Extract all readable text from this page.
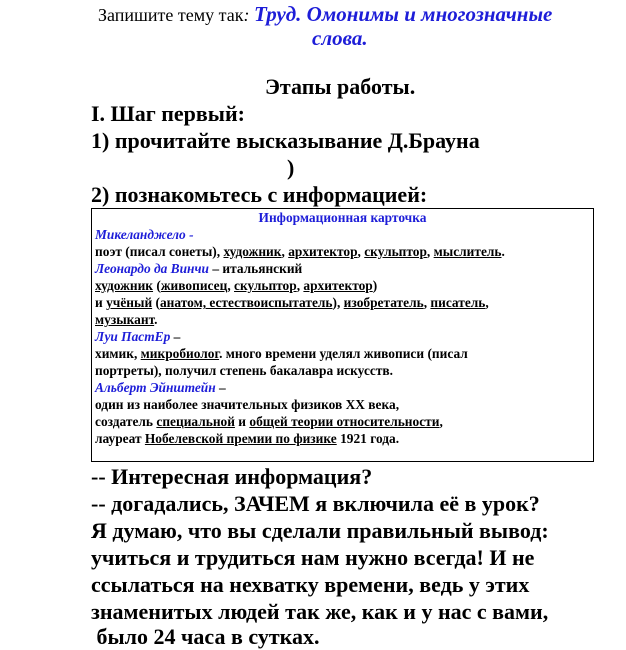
Запишите тему так: Труд. Омонимы и многозначные
слова.
Этапы работы.
I. Шаг первый:
1) прочитайте высказывание Д.Брауна
)
2) познакомьтесь с информацией:
Информационная карточка
Микеланджело -
поэт (писал сонеты), художник, архитектор, скульптор, мыслитель.
Леонардо да Винчи – итальянский
художник (живописец, скульптор, архитектор)
и учёный (анатом, естествоиспытатель), изобретатель, писатель,
музыкант.
Луи ПастЕр –
химик, микробиолог. много времени уделял живописи (писал
портреты), получил степень бакалавра искусств.
Альберт Эйнштейн –
один из наиболее значительных физиков XX века,
создатель специальной и общей теории относительности,
лауреат Нобелевской премии по физике 1921 года.
-- Интересная информация?
-- догадались, ЗАЧЕМ я включила её в урок?
Я думаю, что вы сделали правильный вывод:
учиться и трудиться нам нужно всегда! И не
ссылаться на нехватку времени, ведь у этих
знаменитых людей так же, как и у нас с вами,
было 24 часа в сутках.
